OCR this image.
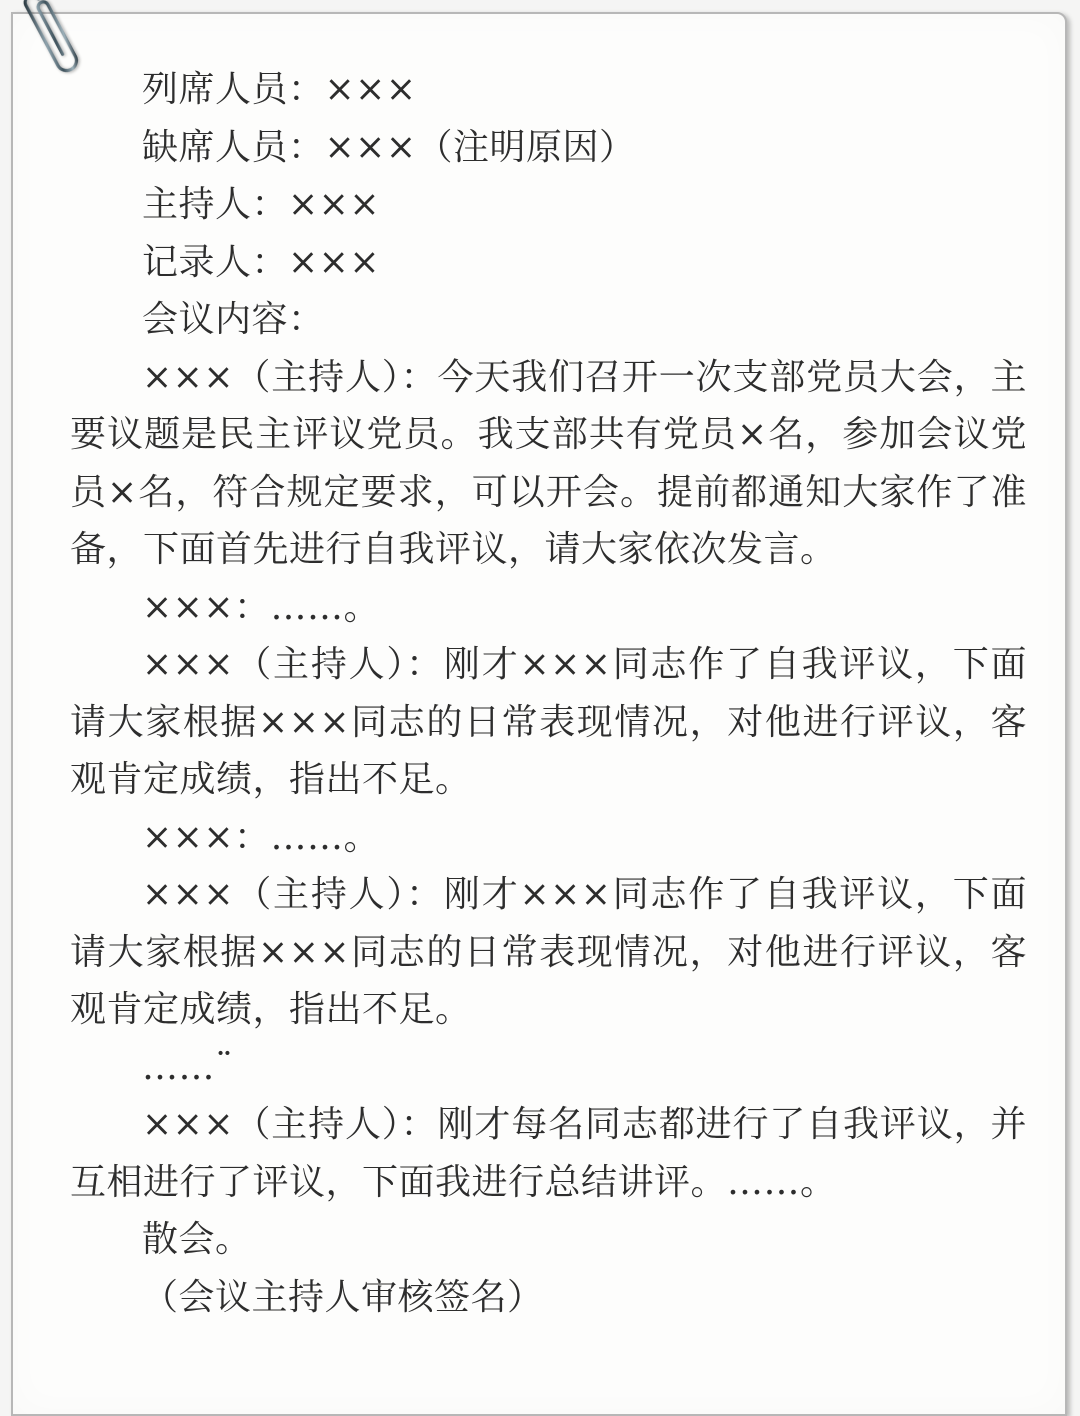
列席人员：×××

缺席人员：×××（注明原因）

主持人：×××

记录人：×××

会议内容：

×××（主持人）：今天我们召开一次支部党员大会，主要议题是民主评议党员。我支部共有党员×名，参加会议党员×名，符合规定要求，可以开会。提前都通知大家作了准备，下面首先进行自我评议，请大家依次发言。

×××：……。

×××（主持人）：刚才×××同志作了自我评议，下面请大家根据×××同志的日常表现情况，对他进行评议，客观肯定成绩，指出不足。

×××：……。

×××（主持人）：刚才×××同志作了自我评议，下面请大家根据×××同志的日常表现情况，对他进行评议，客观肯定成绩，指出不足。

……¨

×××（主持人）：刚才每名同志都进行了自我评议，并互相进行了评议，下面我进行总结讲评。……。

散会。

（会议主持人审核签名）
